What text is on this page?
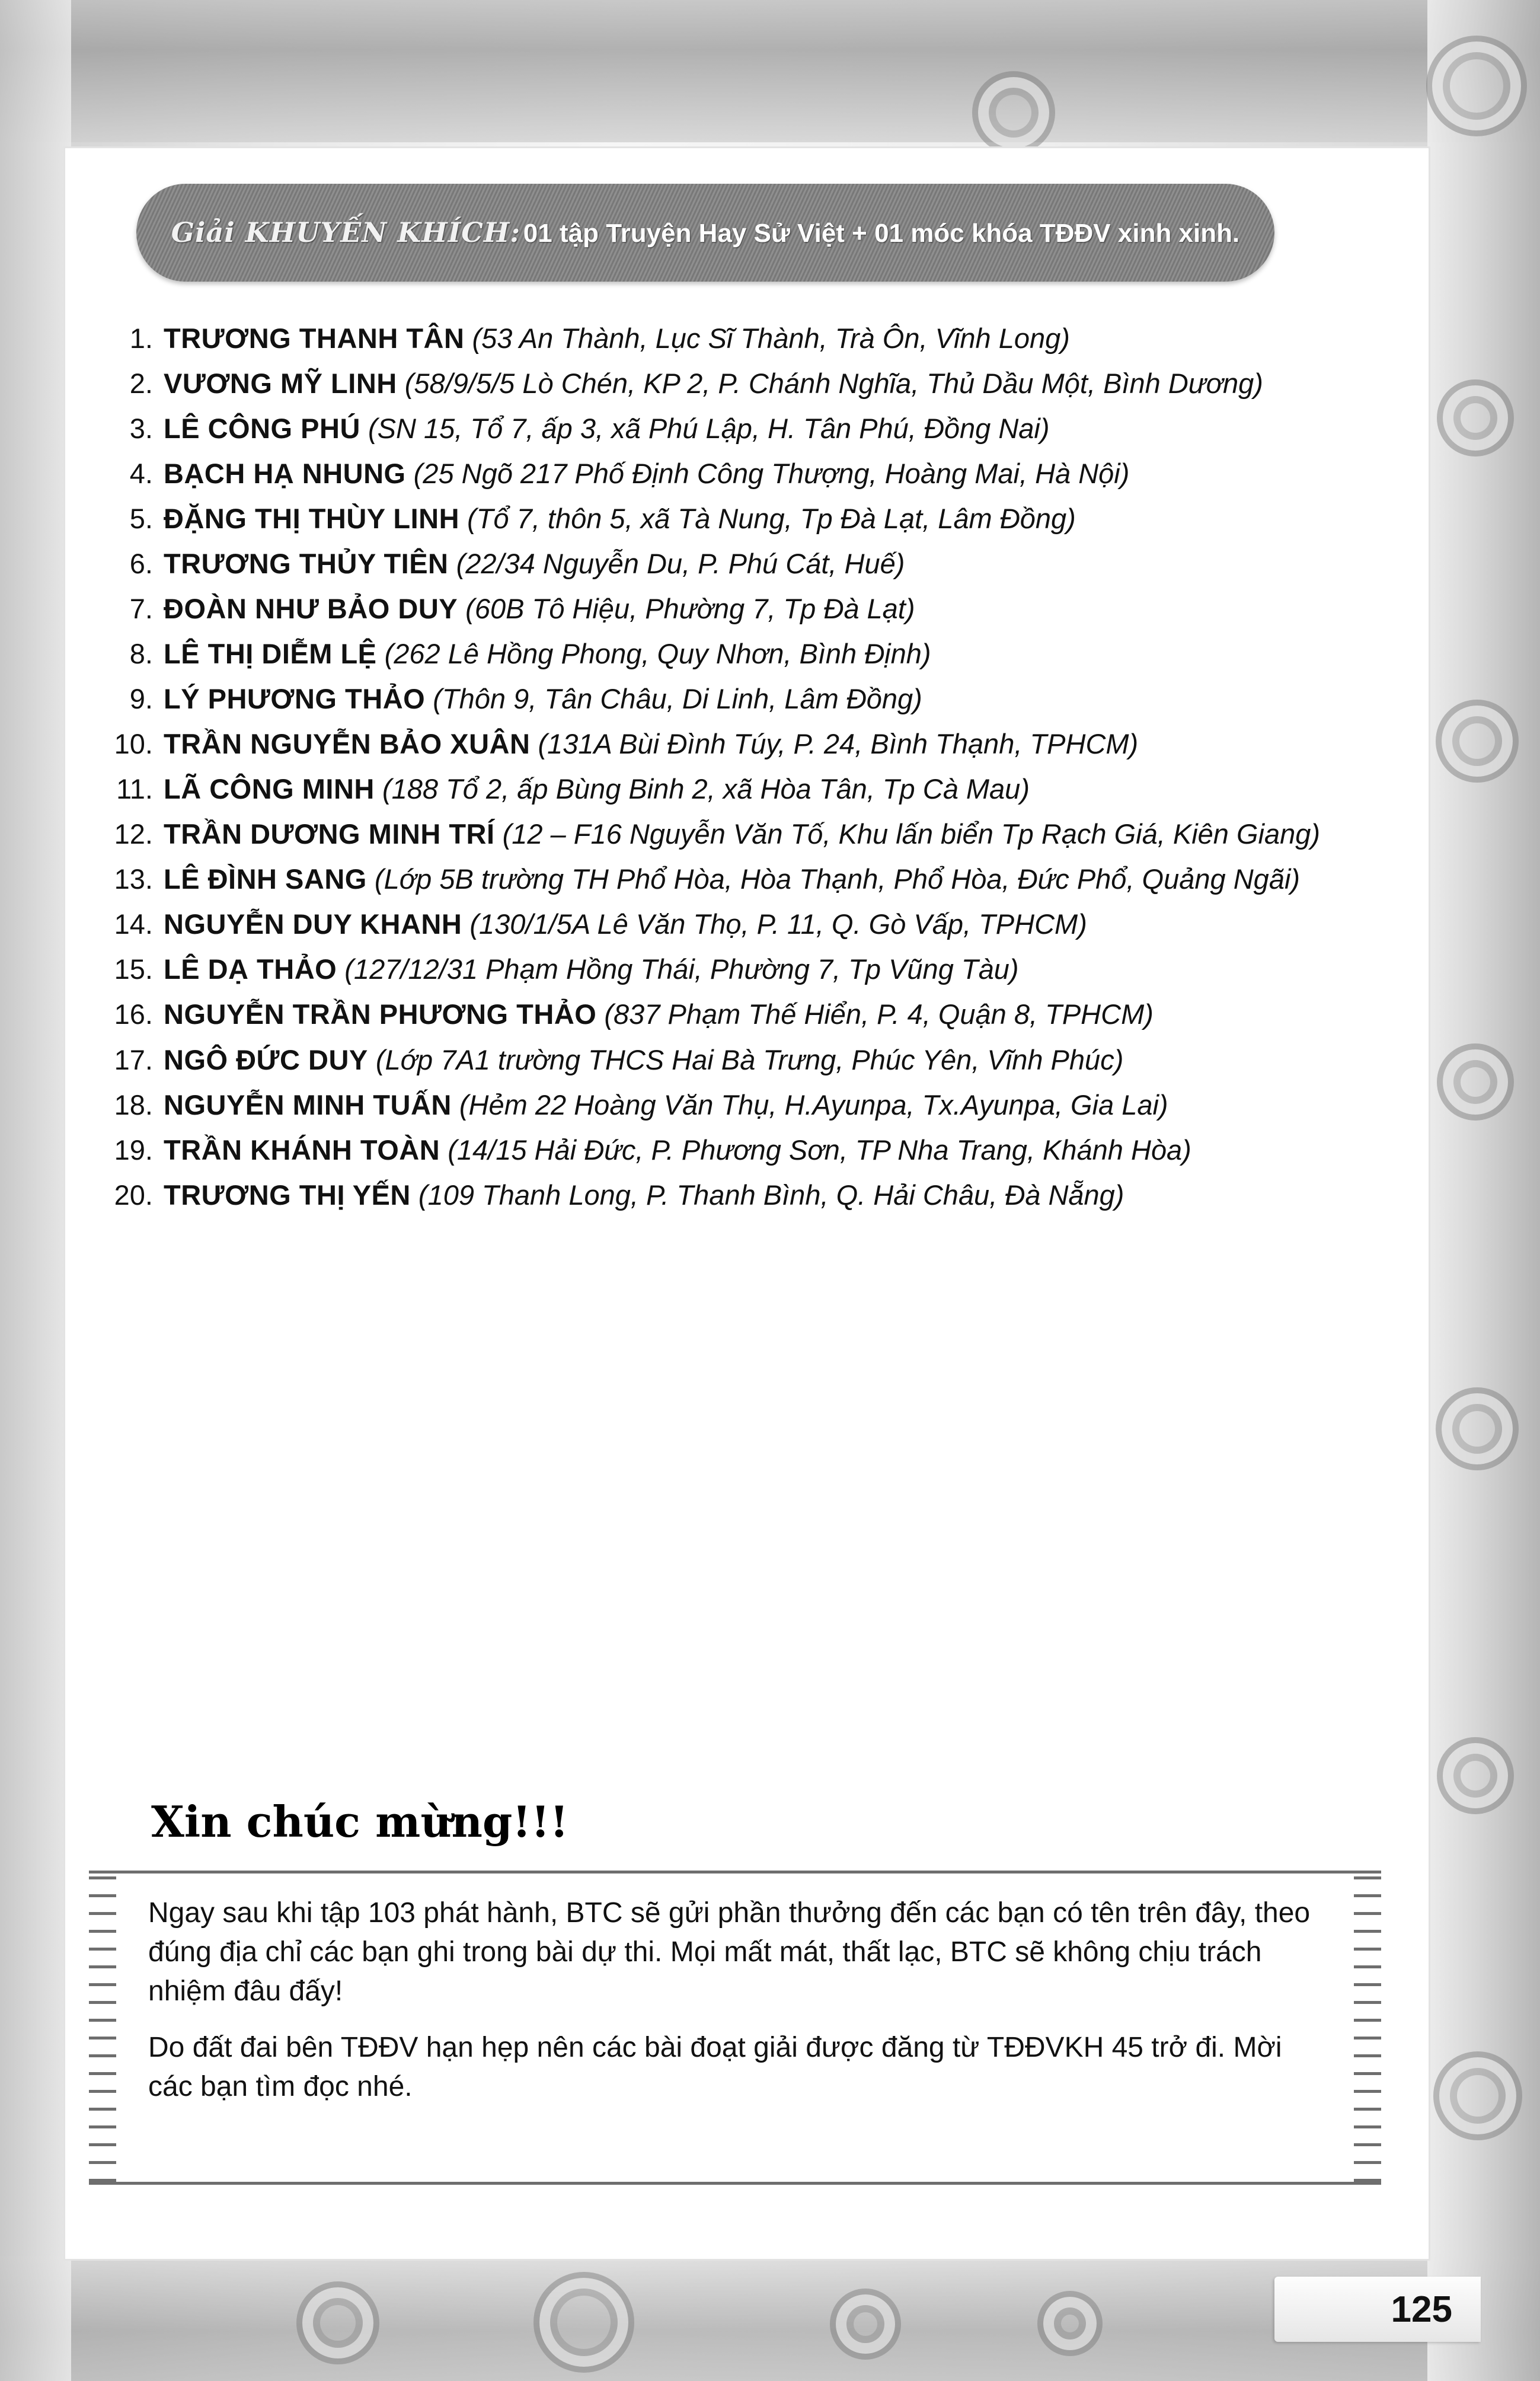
Giải KHUYẾN KHÍCH: 01 tập Truyện Hay Sử Việt + 01 móc khóa TĐĐV xinh xinh.
1. TRƯƠNG THANH TÂN (53 An Thành, Lục Sĩ Thành, Trà Ôn, Vĩnh Long)
2. VƯƠNG MỸ LINH (58/9/5/5 Lò Chén, KP 2, P. Chánh Nghĩa, Thủ Dầu Một, Bình Dương)
3. LÊ CÔNG PHÚ (SN 15, Tổ 7, ấp 3, xã Phú Lập, H. Tân Phú, Đồng Nai)
4. BẠCH HẠ NHUNG (25 Ngõ 217 Phố Định Công Thượng, Hoàng Mai, Hà Nội)
5. ĐẶNG THỊ THÙY LINH (Tổ 7, thôn 5, xã Tà Nung, Tp Đà Lạt, Lâm Đồng)
6. TRƯƠNG THỦY TIÊN (22/34 Nguyễn Du, P. Phú Cát, Huế)
7. ĐOÀN NHƯ BẢO DUY (60B Tô Hiệu, Phường 7, Tp Đà Lạt)
8. LÊ THỊ DIỄM LỆ (262 Lê Hồng Phong, Quy Nhơn, Bình Định)
9. LÝ PHƯƠNG THẢO (Thôn 9, Tân Châu, Di Linh, Lâm Đồng)
10. TRẦN NGUYỄN BẢO XUÂN (131A Bùi Đình Túy, P. 24, Bình Thạnh, TPHCM)
11. LÃ CÔNG MINH (188 Tổ 2, ấp Bùng Binh 2, xã Hòa Tân, Tp Cà Mau)
12. TRẦN DƯƠNG MINH TRÍ (12 – F16 Nguyễn Văn Tố, Khu lấn biển Tp Rạch Giá, Kiên Giang)
13. LÊ ĐÌNH SANG (Lớp 5B trường TH Phổ Hòa, Hòa Thạnh, Phổ Hòa, Đức Phổ, Quảng Ngãi)
14. NGUYỄN DUY KHANH (130/1/5A Lê Văn Thọ, P. 11, Q. Gò Vấp, TPHCM)
15. LÊ DẠ THẢO (127/12/31 Phạm Hồng Thái, Phường 7, Tp Vũng Tàu)
16. NGUYỄN TRẦN PHƯƠNG THẢO (837 Phạm Thế Hiển, P. 4, Quận 8, TPHCM)
17. NGÔ ĐỨC DUY (Lớp 7A1 trường THCS Hai Bà Trưng, Phúc Yên, Vĩnh Phúc)
18. NGUYỄN MINH TUẤN (Hẻm 22 Hoàng Văn Thụ, H.Ayunpa, Tx.Ayunpa, Gia Lai)
19. TRẦN KHÁNH TOÀN (14/15 Hải Đức, P. Phương Sơn, TP Nha Trang, Khánh Hòa)
20. TRƯƠNG THỊ YẾN (109 Thanh Long, P. Thanh Bình, Q. Hải Châu, Đà Nẵng)
Xin chúc mừng!!!

Ngay sau khi tập 103 phát hành, BTC sẽ gửi phần thưởng đến các bạn có tên trên đây, theo đúng địa chỉ các bạn ghi trong bài dự thi. Mọi mất mát, thất lạc, BTC sẽ không chịu trách nhiệm đâu đấy!

Do đất đai bên TĐĐV hạn hẹp nên các bài đoạt giải được đăng từ TĐĐVKH 45 trở đi. Mời các bạn tìm đọc nhé.

125
